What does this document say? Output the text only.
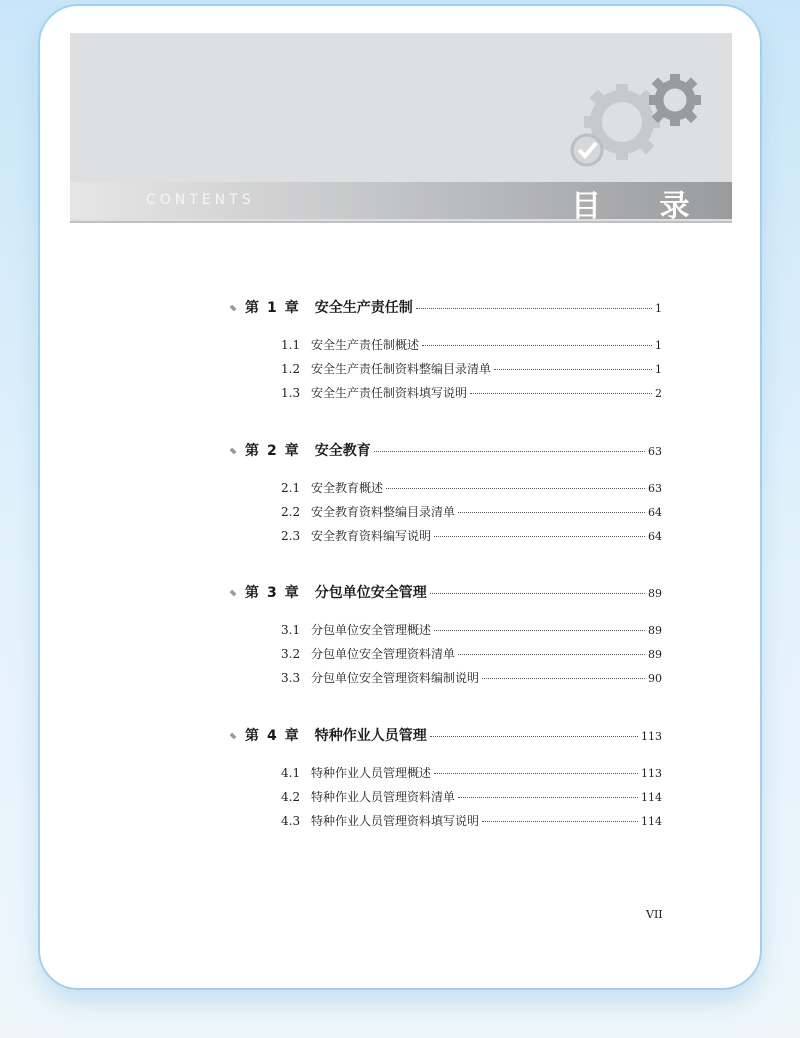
CONTENTS	目 录
第 1 章 安全生产责任制	1
1.1 安全生产责任制概述	1
1.2 安全生产责任制资料整编目录清单	1
1.3 安全生产责任制资料填写说明	2
第 2 章 安全教育	63
2.1 安全教育概述	63
2.2 安全教育资料整编目录清单	64
2.3 安全教育资料编写说明	64
第 3 章 分包单位安全管理	89
3.1 分包单位安全管理概述	89
3.2 分包单位安全管理资料清单	89
3.3 分包单位安全管理资料编制说明	90
第 4 章 特种作业人员管理	113
4.1 特种作业人员管理概述	113
4.2 特种作业人员管理资料清单	114
4.3 特种作业人员管理资料填写说明	114
VII
